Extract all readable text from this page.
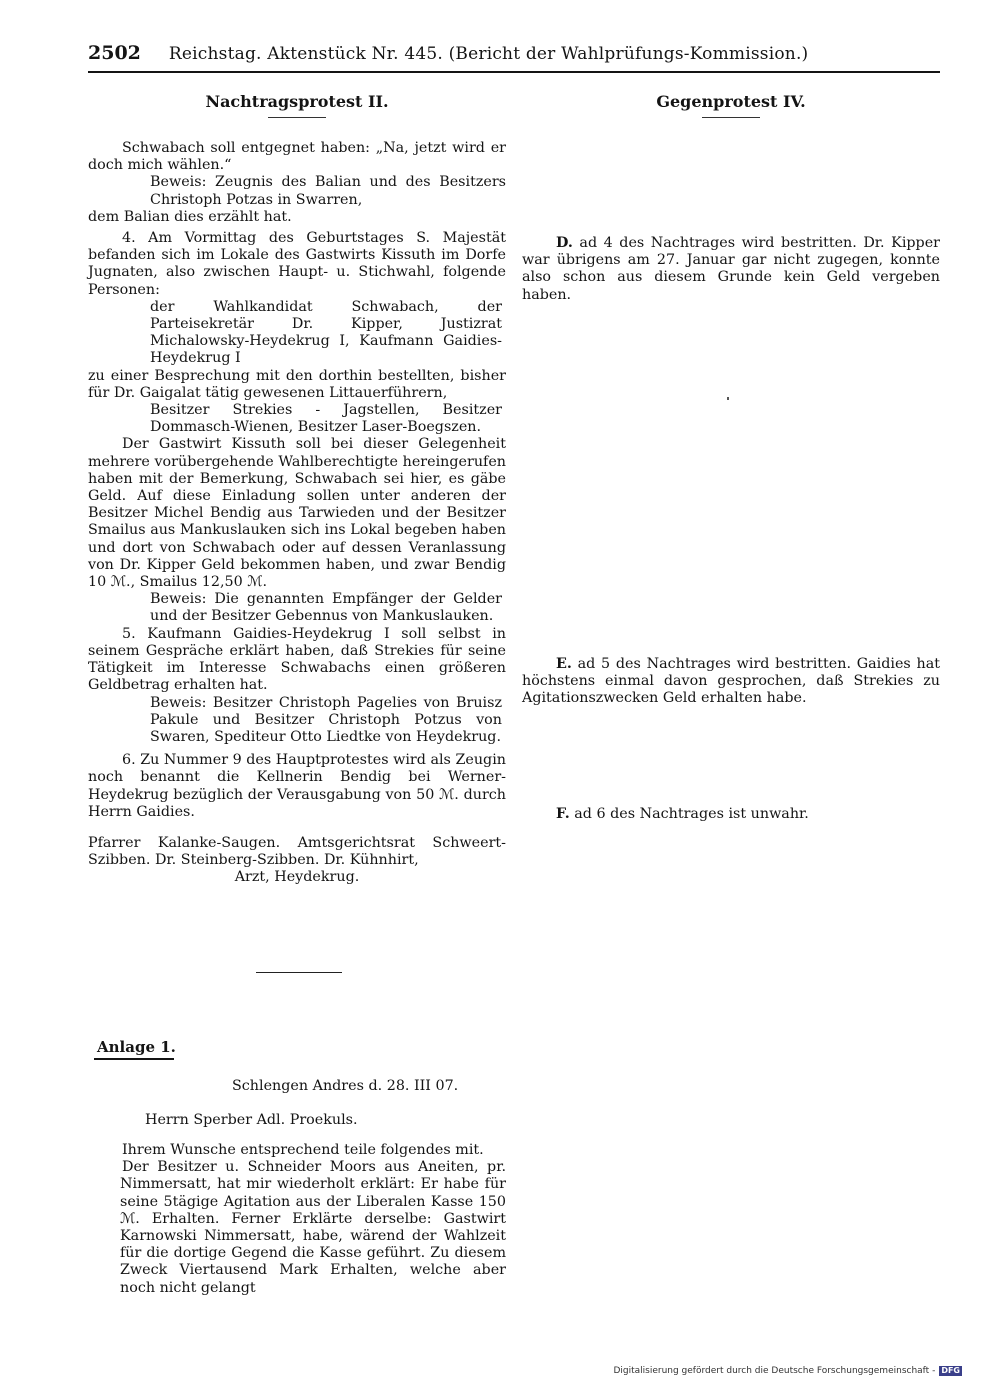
2502 Reichstag. Aktenstück Nr. 445. (Bericht der Wahlprüfungs-Kommission.)
Nachtragsprotest II.

Schwabach soll entgegnet haben: „Na, jetzt wird er doch mich wählen.“

Beweis: Zeugnis des Balian und des Besitzers Christoph Potzas in Swarren,

dem Balian dies erzählt hat.

4. Am Vormittag des Geburtstages S. Majestät befanden sich im Lokale des Gastwirts Kissuth im Dorfe Jugnaten, also zwischen Haupt- u. Stichwahl, folgende Personen:

der Wahlkandidat Schwabach, der Parteisekretär Dr. Kipper, Justizrat Michalowsky-Heydekrug I, Kaufmann Gaidies-Heydekrug I

zu einer Besprechung mit den dorthin bestellten, bisher für Dr. Gaigalat tätig gewesenen Littauerführern,

Besitzer Strekies - Jagstellen, Besitzer Dommasch-Wienen, Besitzer Laser-Boegszen.

Der Gastwirt Kissuth soll bei dieser Gelegenheit mehrere vorübergehende Wahlberechtigte hereingerufen haben mit der Bemerkung, Schwabach sei hier, es gäbe Geld. Auf diese Einladung sollen unter anderen der Besitzer Michel Bendig aus Tarwieden und der Besitzer Smailus aus Mankuslauken sich ins Lokal begeben haben und dort von Schwabach oder auf dessen Veranlassung von Dr. Kipper Geld bekommen haben, und zwar Bendig 10 ℳ., Smailus 12,50 ℳ.

Beweis: Die genannten Empfänger der Gelder und der Besitzer Gebennus von Mankuslauken.

5. Kaufmann Gaidies-Heydekrug I soll selbst in seinem Gespräche erklärt haben, daß Strekies für seine Tätigkeit im Interesse Schwabachs einen größeren Geldbetrag erhalten hat.

Beweis: Besitzer Christoph Pagelies von Bruisz Pakule und Besitzer Christoph Potzus von Swaren, Spediteur Otto Liedtke von Heydekrug.

6. Zu Nummer 9 des Hauptprotestes wird als Zeugin noch benannt die Kellnerin Bendig bei Werner-Heydekrug bezüglich der Verausgabung von 50 ℳ. durch Herrn Gaidies.

Pfarrer Kalanke-Saugen. Amtsgerichtsrat Schweert-Szibben. Dr. Steinberg-Szibben. Dr. Kühnhirt,

Arzt, Heydekrug.

Gegenprotest IV.

D. ad 4 des Nachtrages wird bestritten. Dr. Kipper war übrigens am 27. Januar gar nicht zugegen, konnte also schon aus diesem Grunde kein Geld vergeben haben.

E. ad 5 des Nachtrages wird bestritten. Gaidies hat höchstens einmal davon gesprochen, daß Strekies zu Agitationszwecken Geld erhalten habe.

F. ad 6 des Nachtrages ist unwahr.

Anlage 1.
Schlengen Andres d. 28. III 07.
Herrn Sperber Adl. Proekuls.

Ihrem Wunsche entsprechend teile folgendes mit.

Der Besitzer u. Schneider Moors aus Aneiten, pr. Nimmersatt, hat mir wiederholt erklärt: Er habe für seine 5tägige Agitation aus der Liberalen Kasse 150 ℳ. Erhalten. Ferner Erklärte derselbe: Gastwirt Karnowski Nimmersatt, habe, wärend der Wahlzeit für die dortige Gegend die Kasse geführt. Zu diesem Zweck Viertausend Mark Erhalten, welche aber noch nicht gelangt

Digitalisierung gefördert durch die Deutsche Forschungsgemeinschaft - DFG
